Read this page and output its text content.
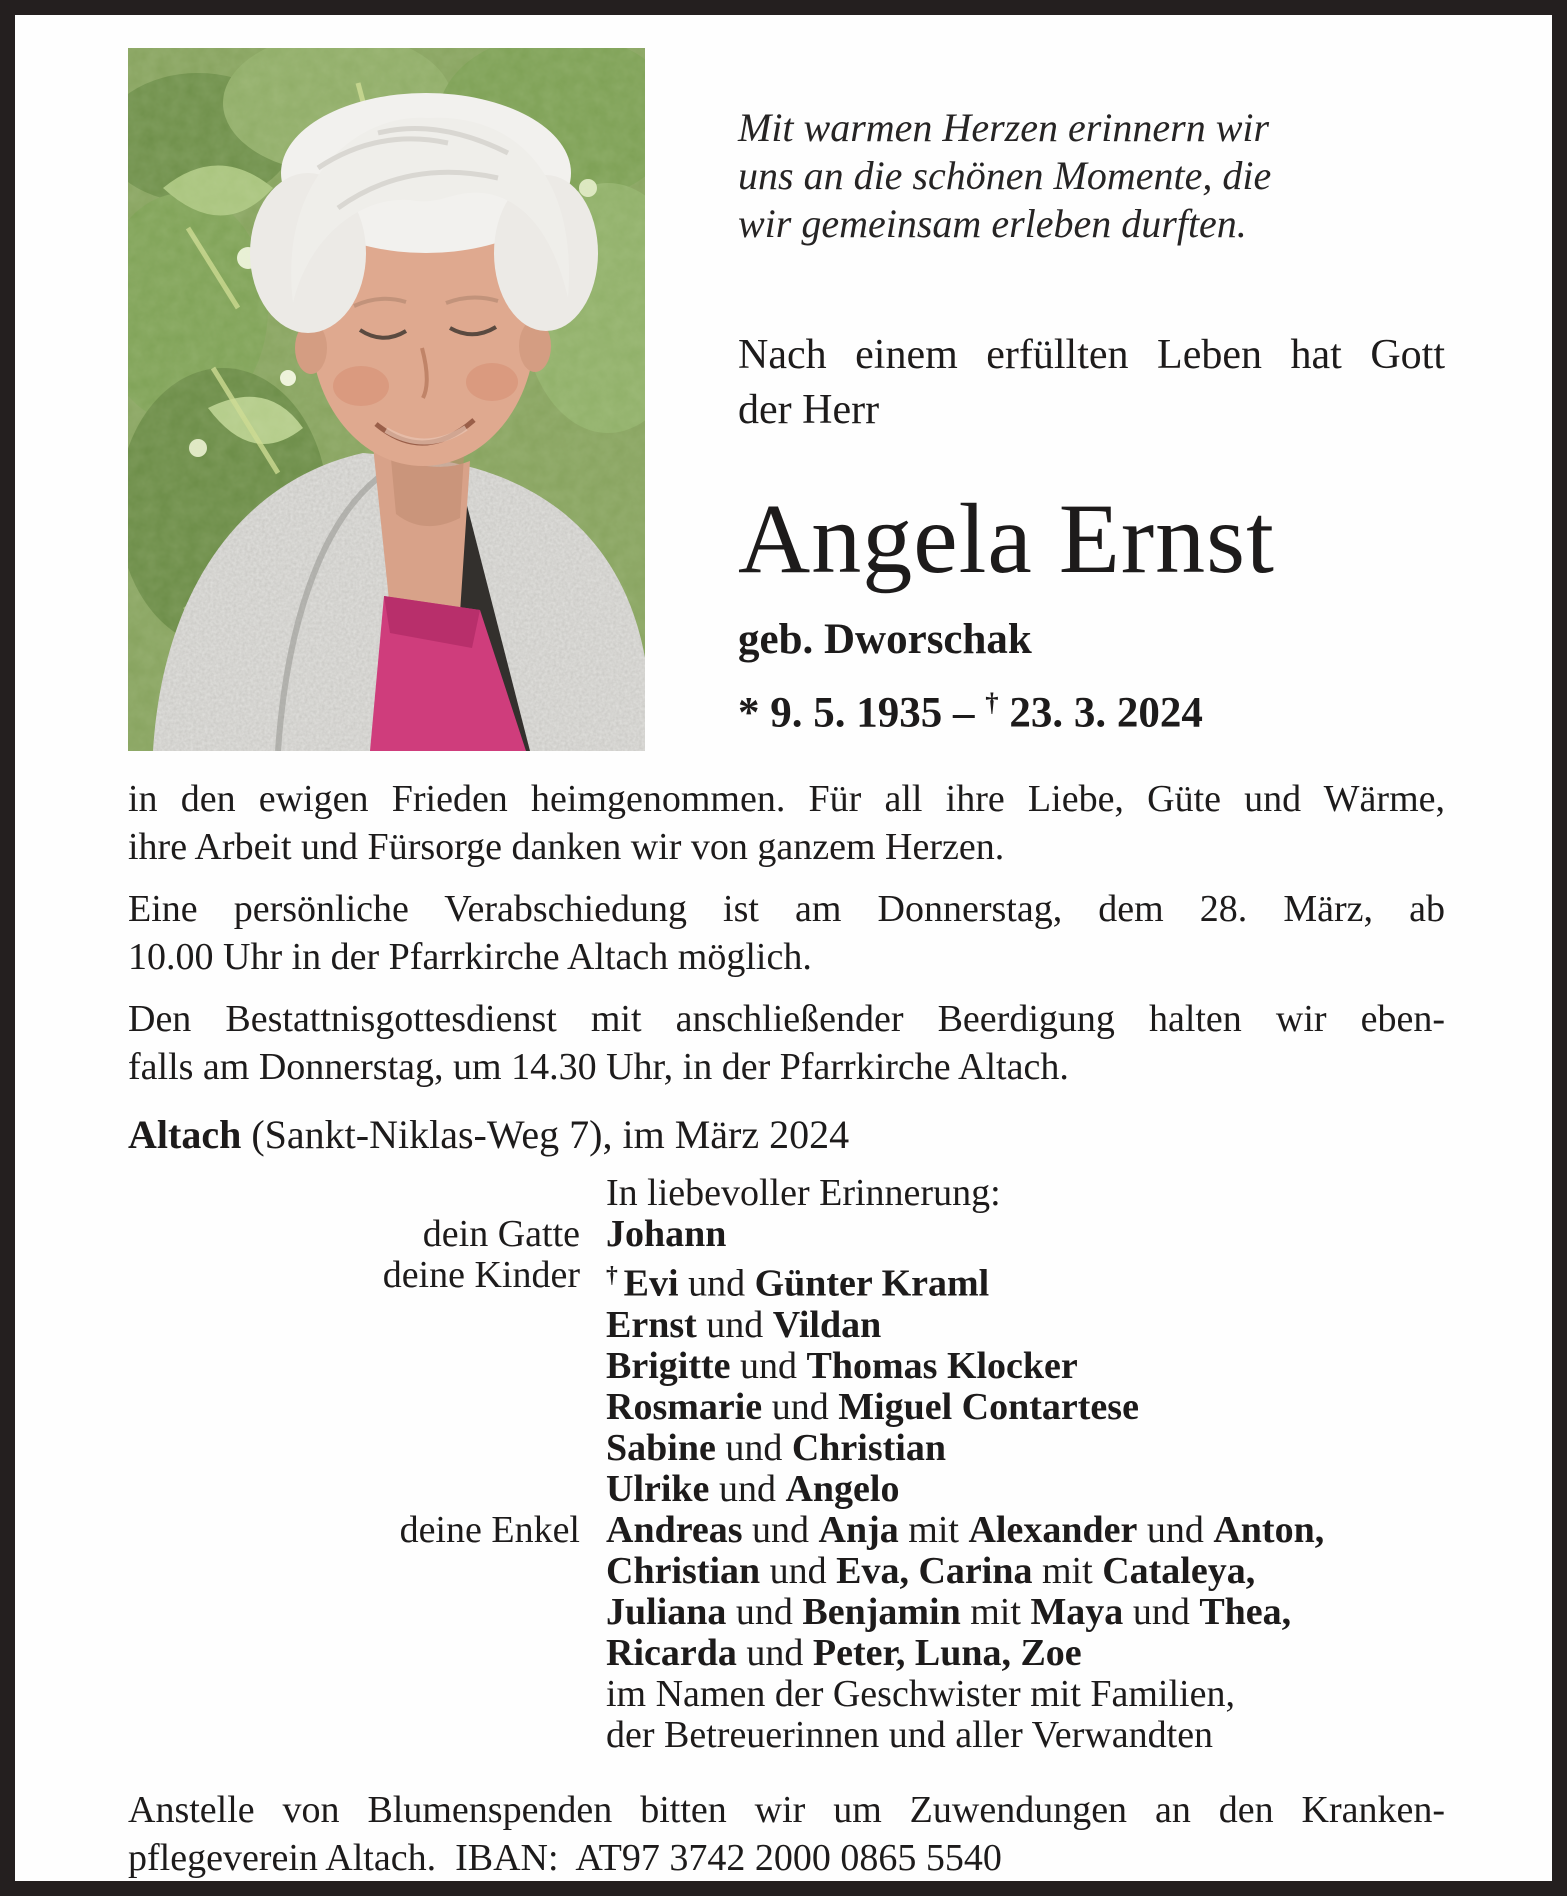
Mit warmen Herzen erinnern wir
uns an die schönen Momente, die
wir gemeinsam erleben durften.
Nach einem erfüllten Leben hat Gott
der Herr
Angela Ernst
geb. Dworschak
* 9. 5. 1935 – † 23. 3. 2024

in den ewigen Frieden heimgenommen. Für all ihre Liebe, Güte und Wärme,
ihre Arbeit und Fürsorge danken wir von ganzem Herzen.

Eine persönliche Verabschiedung ist am Donnerstag, dem 28. März, ab
10.00 Uhr in der Pfarrkirche Altach möglich.

Den Bestattnisgottesdienst mit anschließender Beerdigung halten wir eben-
falls am Donnerstag, um 14.30 Uhr, in der Pfarrkirche Altach.

Altach (Sankt-Niklas-Weg 7), im März 2024

In liebevoller Erinnerung:
dein Gatte Johann
deine Kinder	† Evi und Günter Kraml
Ernst und Vildan
Brigitte und Thomas Klocker
Rosmarie und Miguel Contartese
Sabine und Christian
Ulrike und Angelo
deine Enkel Andreas und Anja mit Alexander und Anton,
Christian und Eva, Carina mit Cataleya,
Juliana und Benjamin mit Maya und Thea,
Ricarda und Peter, Luna, Zoe
im Namen der Geschwister mit Familien,
der Betreuerinnen und aller Verwandten

Anstelle von Blumenspenden bitten wir um Zuwendungen an den Kranken-
pflegeverein Altach.  IBAN:  AT97 3742 2000 0865 5540
